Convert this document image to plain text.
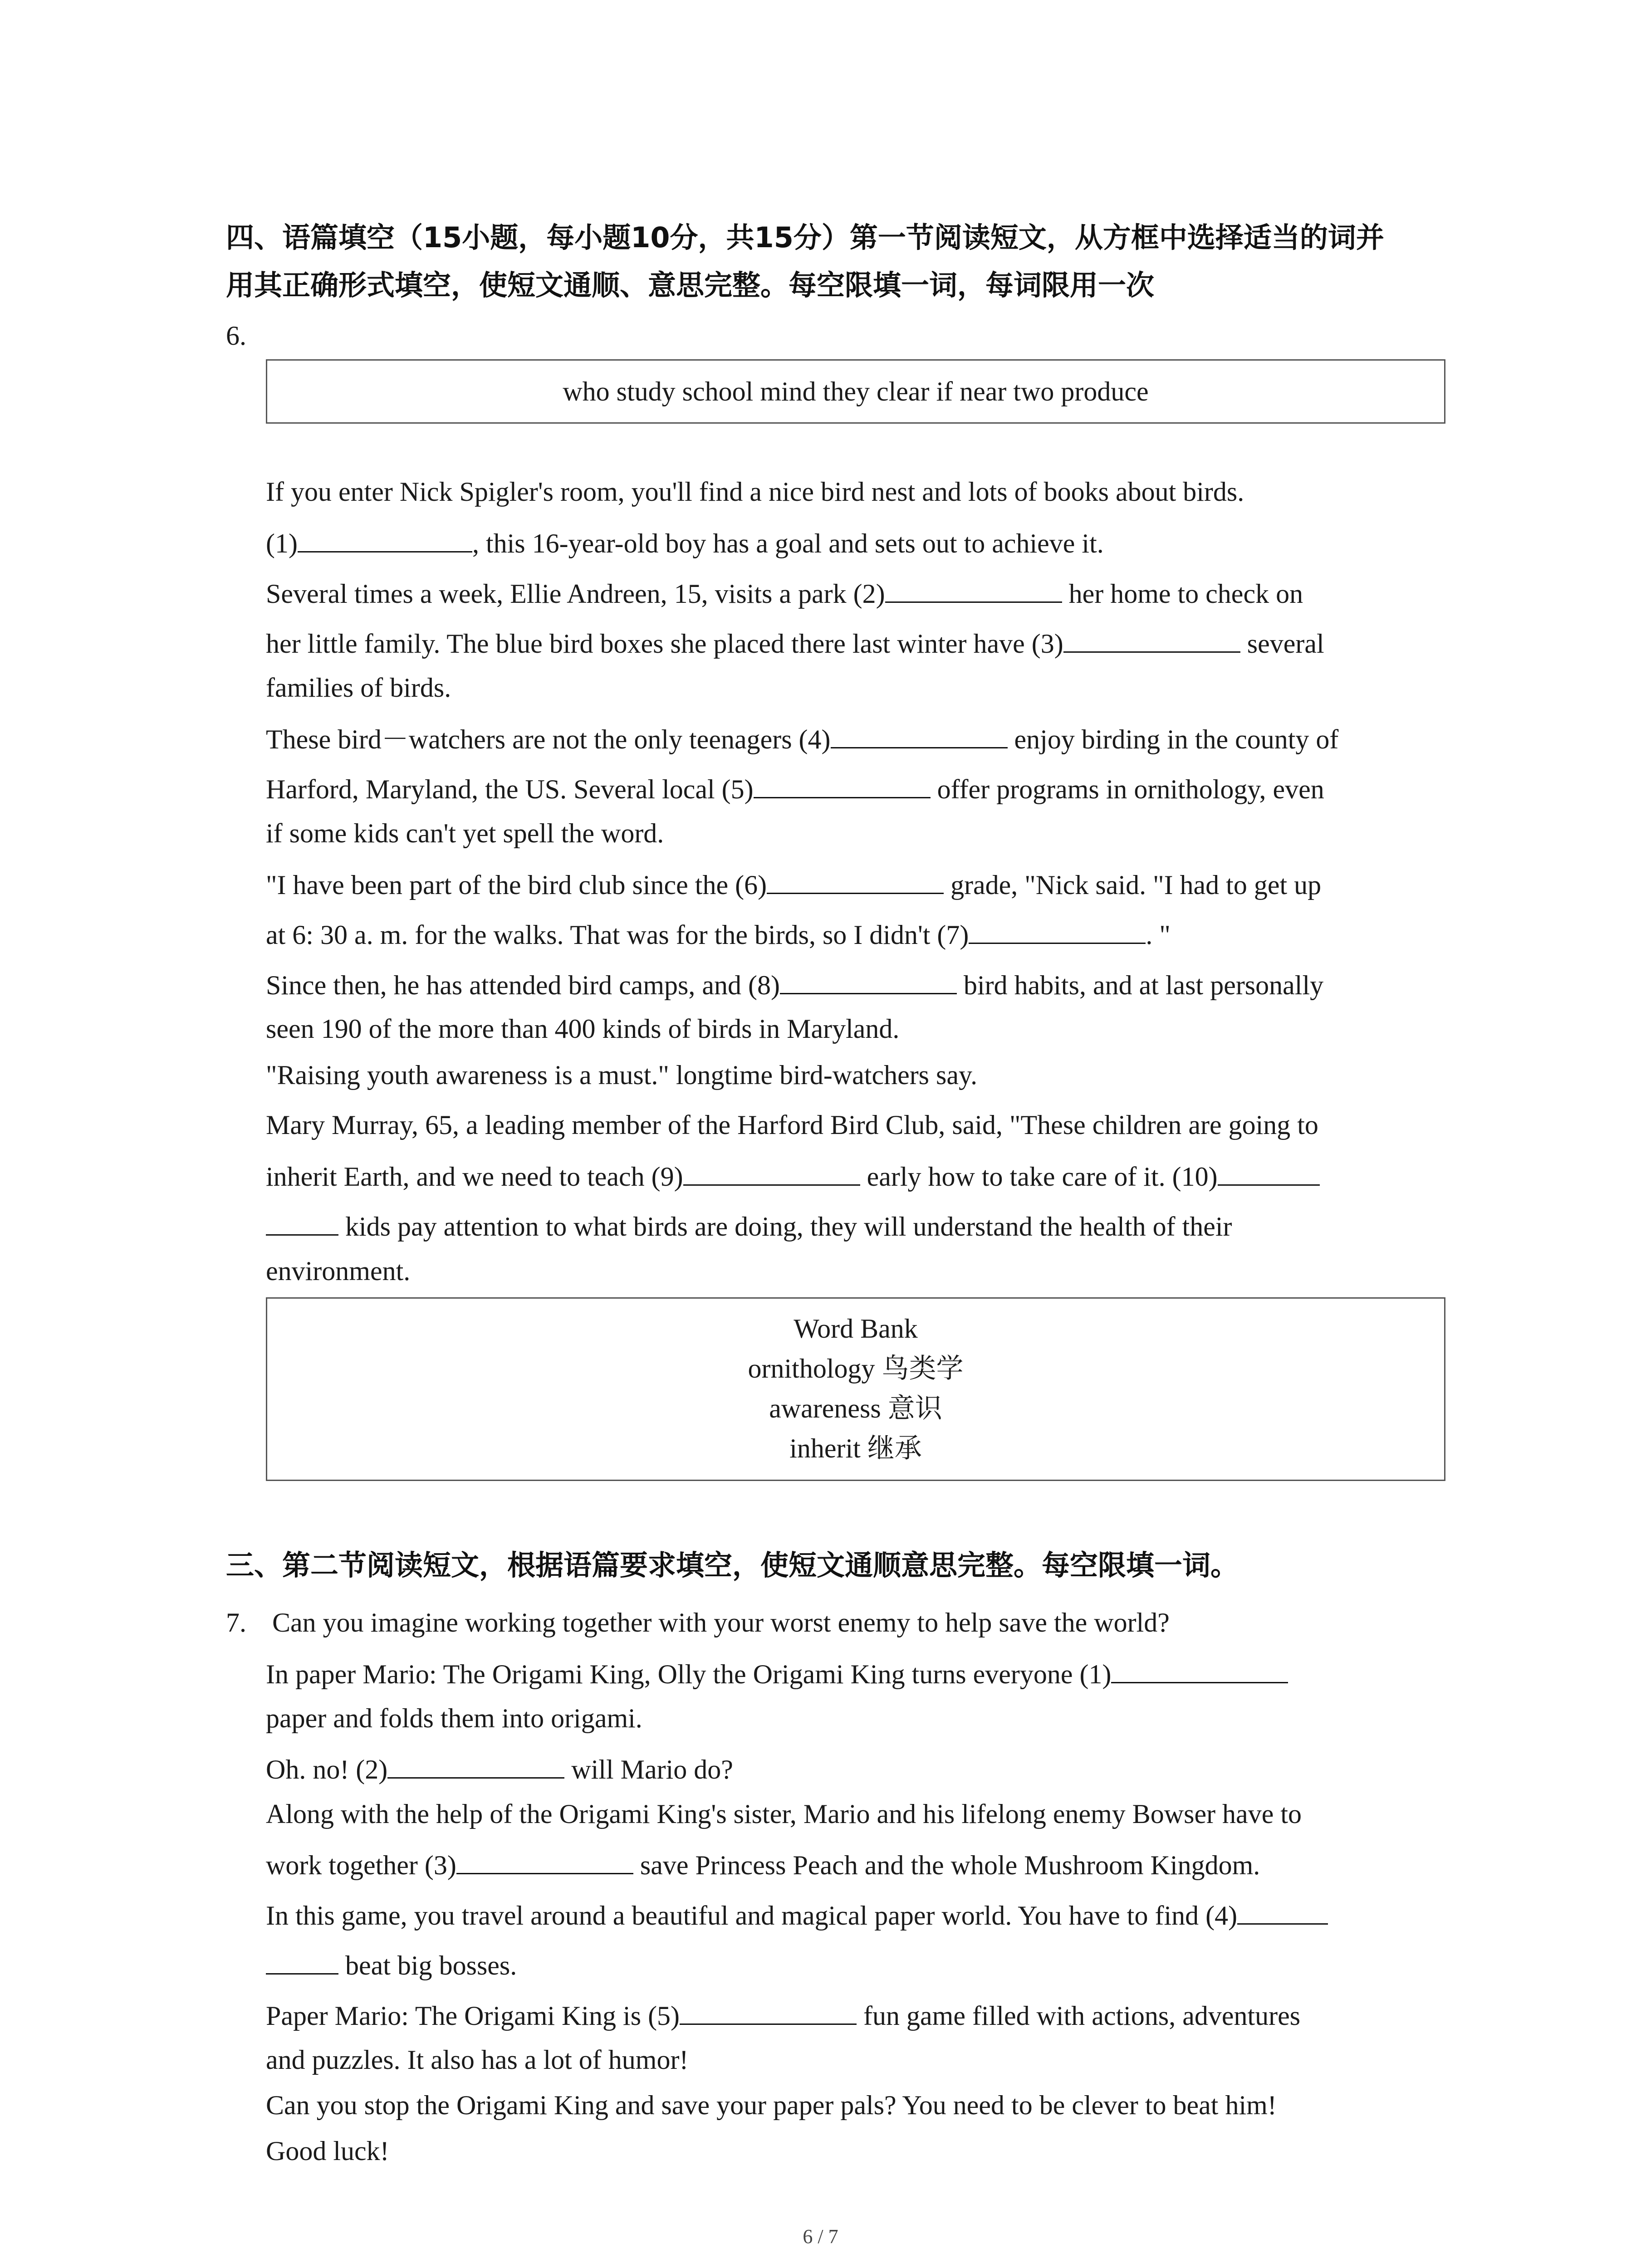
四、语篇填空（15小题，每小题10分，共15分）第一节阅读短文，从方框中选择适当的词并
用其正确形式填空，使短文通顺、意思完整。每空限填一词，每词限用一次
6.
who study school mind they clear if near two produce
If you enter Nick Spigler's room, you'll find a nice bird nest and lots of books about birds.
(1)	, this 16-year-old boy has a goal and sets out to achieve it.
Several times a week, Ellie Andreen, 15, visits a park (2)	her home to check on
her little family. The blue bird boxes she placed there last winter have (3)	several
families of birds.
These bird－watchers are not the only teenagers (4)	enjoy birding in the county of
Harford, Maryland, the US. Several local (5)	offer programs in ornithology, even
if some kids can't yet spell the word.
"I have been part of the bird club since the (6)	grade, "Nick said. "I had to get up
at 6: 30 a. m. for the walks. That was for the birds, so I didn't (7)	. "
Since then, he has attended bird camps, and (8)	bird habits, and at last personally
seen 190 of the more than 400 kinds of birds in Maryland.
"Raising youth awareness is a must." longtime bird-watchers say.
Mary Murray, 65, a leading member of the Harford Bird Club, said, "These children are going to
inherit Earth, and we need to teach (9)	early how to take care of it. (10)
kids pay attention to what birds are doing, they will understand the health of their
environment.
Word Bank
ornithology 鸟类学
awareness 意识
inherit 继承
三、第二节阅读短文，根据语篇要求填空，使短文通顺意思完整。每空限填一词。
7. Can you imagine working together with your worst enemy to help save the world?
In paper Mario: The Origami King, Olly the Origami King turns everyone (1)
paper and folds them into origami.
Oh. no! (2)	will Mario do?
Along with the help of the Origami King's sister, Mario and his lifelong enemy Bowser have to
work together (3)	save Princess Peach and the whole Mushroom Kingdom.
In this game, you travel around a beautiful and magical paper world. You have to find (4)
beat big bosses.
Paper Mario: The Origami King is (5)	fun game filled with actions, adventures
and puzzles. It also has a lot of humor!
Can you stop the Origami King and save your paper pals? You need to be clever to beat him!
Good luck!
6 / 7
